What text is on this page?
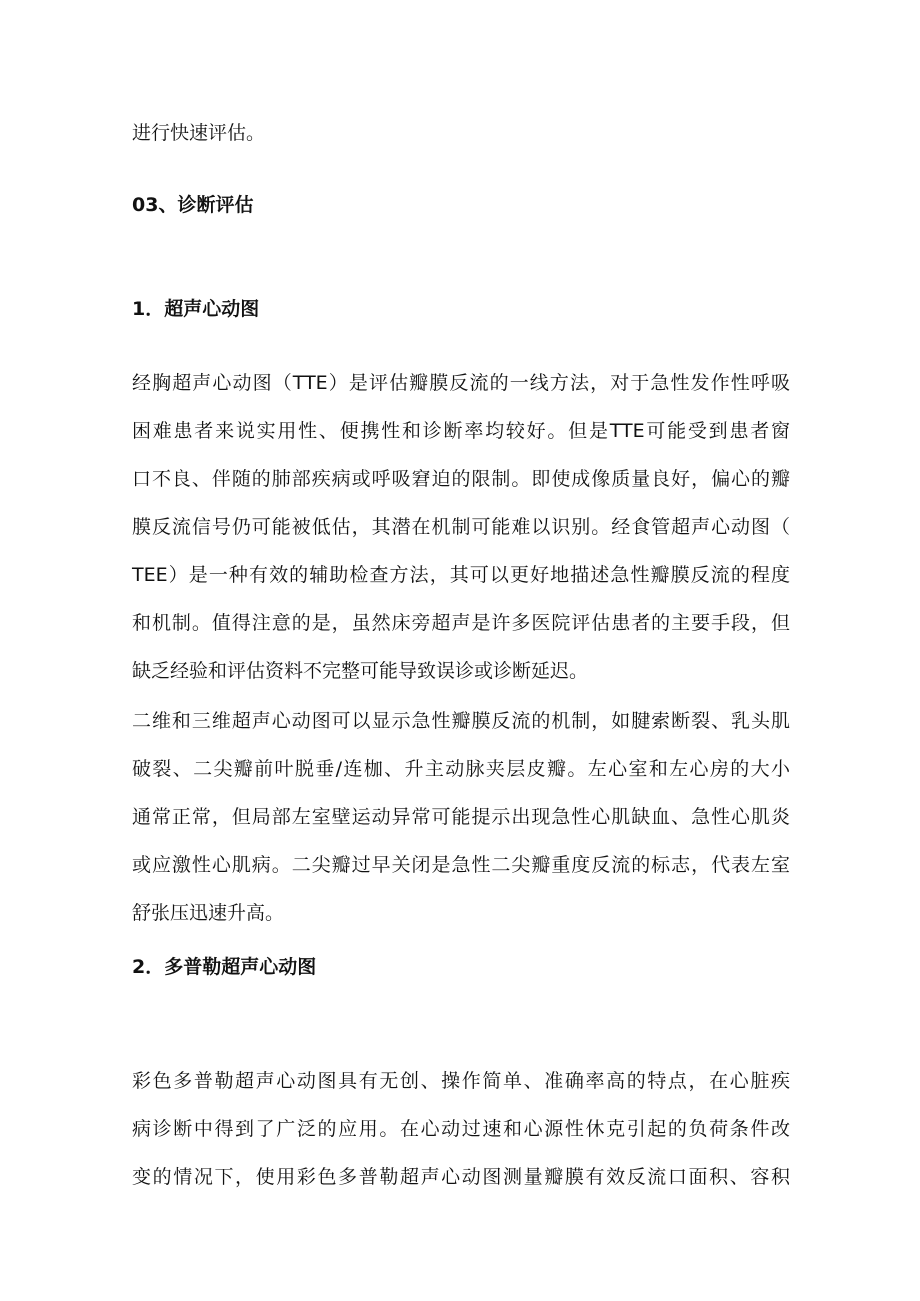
进行快速评估。
03、诊断评估
1．超声心动图
经胸超声心动图（TTE）是评估瓣膜反流的一线方法，对于急性发作性呼吸
困难患者来说实用性、便携性和诊断率均较好。但是TTE可能受到患者窗
口不良、伴随的肺部疾病或呼吸窘迫的限制。即使成像质量良好，偏心的瓣
膜反流信号仍可能被低估，其潜在机制可能难以识别。经食管超声心动图（
TEE）是一种有效的辅助检查方法，其可以更好地描述急性瓣膜反流的程度
和机制。值得注意的是，虽然床旁超声是许多医院评估患者的主要手段，但
缺乏经验和评估资料不完整可能导致误诊或诊断延迟。
二维和三维超声心动图可以显示急性瓣膜反流的机制，如腱索断裂、乳头肌
破裂、二尖瓣前叶脱垂/连枷、升主动脉夹层皮瓣。左心室和左心房的大小
通常正常，但局部左室壁运动异常可能提示出现急性心肌缺血、急性心肌炎
或应激性心肌病。二尖瓣过早关闭是急性二尖瓣重度反流的标志，代表左室
舒张压迅速升高。
2．多普勒超声心动图
彩色多普勒超声心动图具有无创、操作简单、准确率高的特点，在心脏疾
病诊断中得到了广泛的应用。在心动过速和心源性休克引起的负荷条件改
变的情况下，使用彩色多普勒超声心动图测量瓣膜有效反流口面积、容积
